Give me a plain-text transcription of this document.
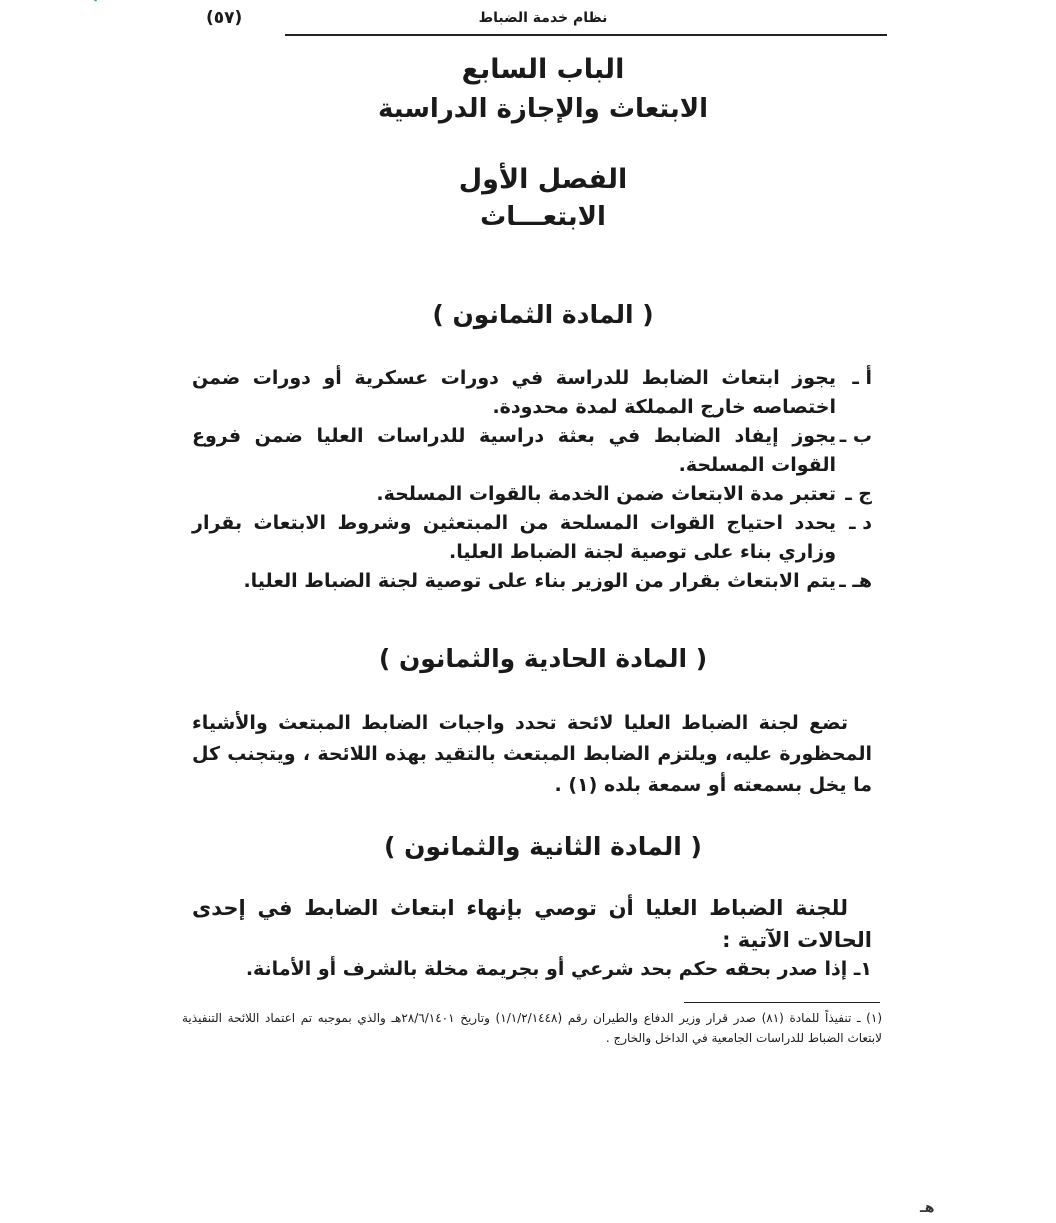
نظام خدمة الضباط
(٥٧)
الباب السابع
الابتعاث والإجازة الدراسية
الفصل الأول
الابتعـــاث
( المادة الثمانون )
أ ـ
يجوز ابتعاث الضابط للدراسة في دورات عسكرية أو دورات ضمن اختصاصه خارج المملكة لمدة محدودة.
ب ـ
يجوز إيفاد الضابط في بعثة دراسية للدراسات العليا ضمن فروع القوات المسلحة.
ج ـ
تعتبر مدة الابتعاث ضمن الخدمة بالقوات المسلحة.
د ـ
يحدد احتياج القوات المسلحة من المبتعثين وشروط الابتعاث بقرار وزاري بناء على توصية لجنة الضباط العليا.
هـ ـ
يتم الابتعاث بقرار من الوزير بناء على توصية لجنة الضباط العليا.
( المادة الحادية والثمانون )

تضع لجنة الضباط العليا لائحة تحدد واجبات الضابط المبتعث والأشياء المحظورة عليه، ويلتزم الضابط المبتعث بالتقيد بهذه اللائحة ، ويتجنب كل ما يخل بسمعته أو سمعة بلده (١) .

( المادة الثانية والثمانون )

للجنة الضباط العليا أن توصي بإنهاء ابتعاث الضابط في إحدى الحالات الآتية :

١ـ إذا صدر بحقه حكم بحد شرعي أو بجريمة مخلة بالشرف أو الأمانة.

(١) ـ تنفيذاً للمادة (٨١) صدر قرار وزير الدفاع والطيران رقم (١/١/٢/١٤٤٨) وتاريخ ٢٨/٦/١٤٠١هـ والذي بموجبه تم اعتماد اللائحة التنفيذية لابتعاث الضباط للدراسات الجامعية في الداخل والخارج .

هـ
